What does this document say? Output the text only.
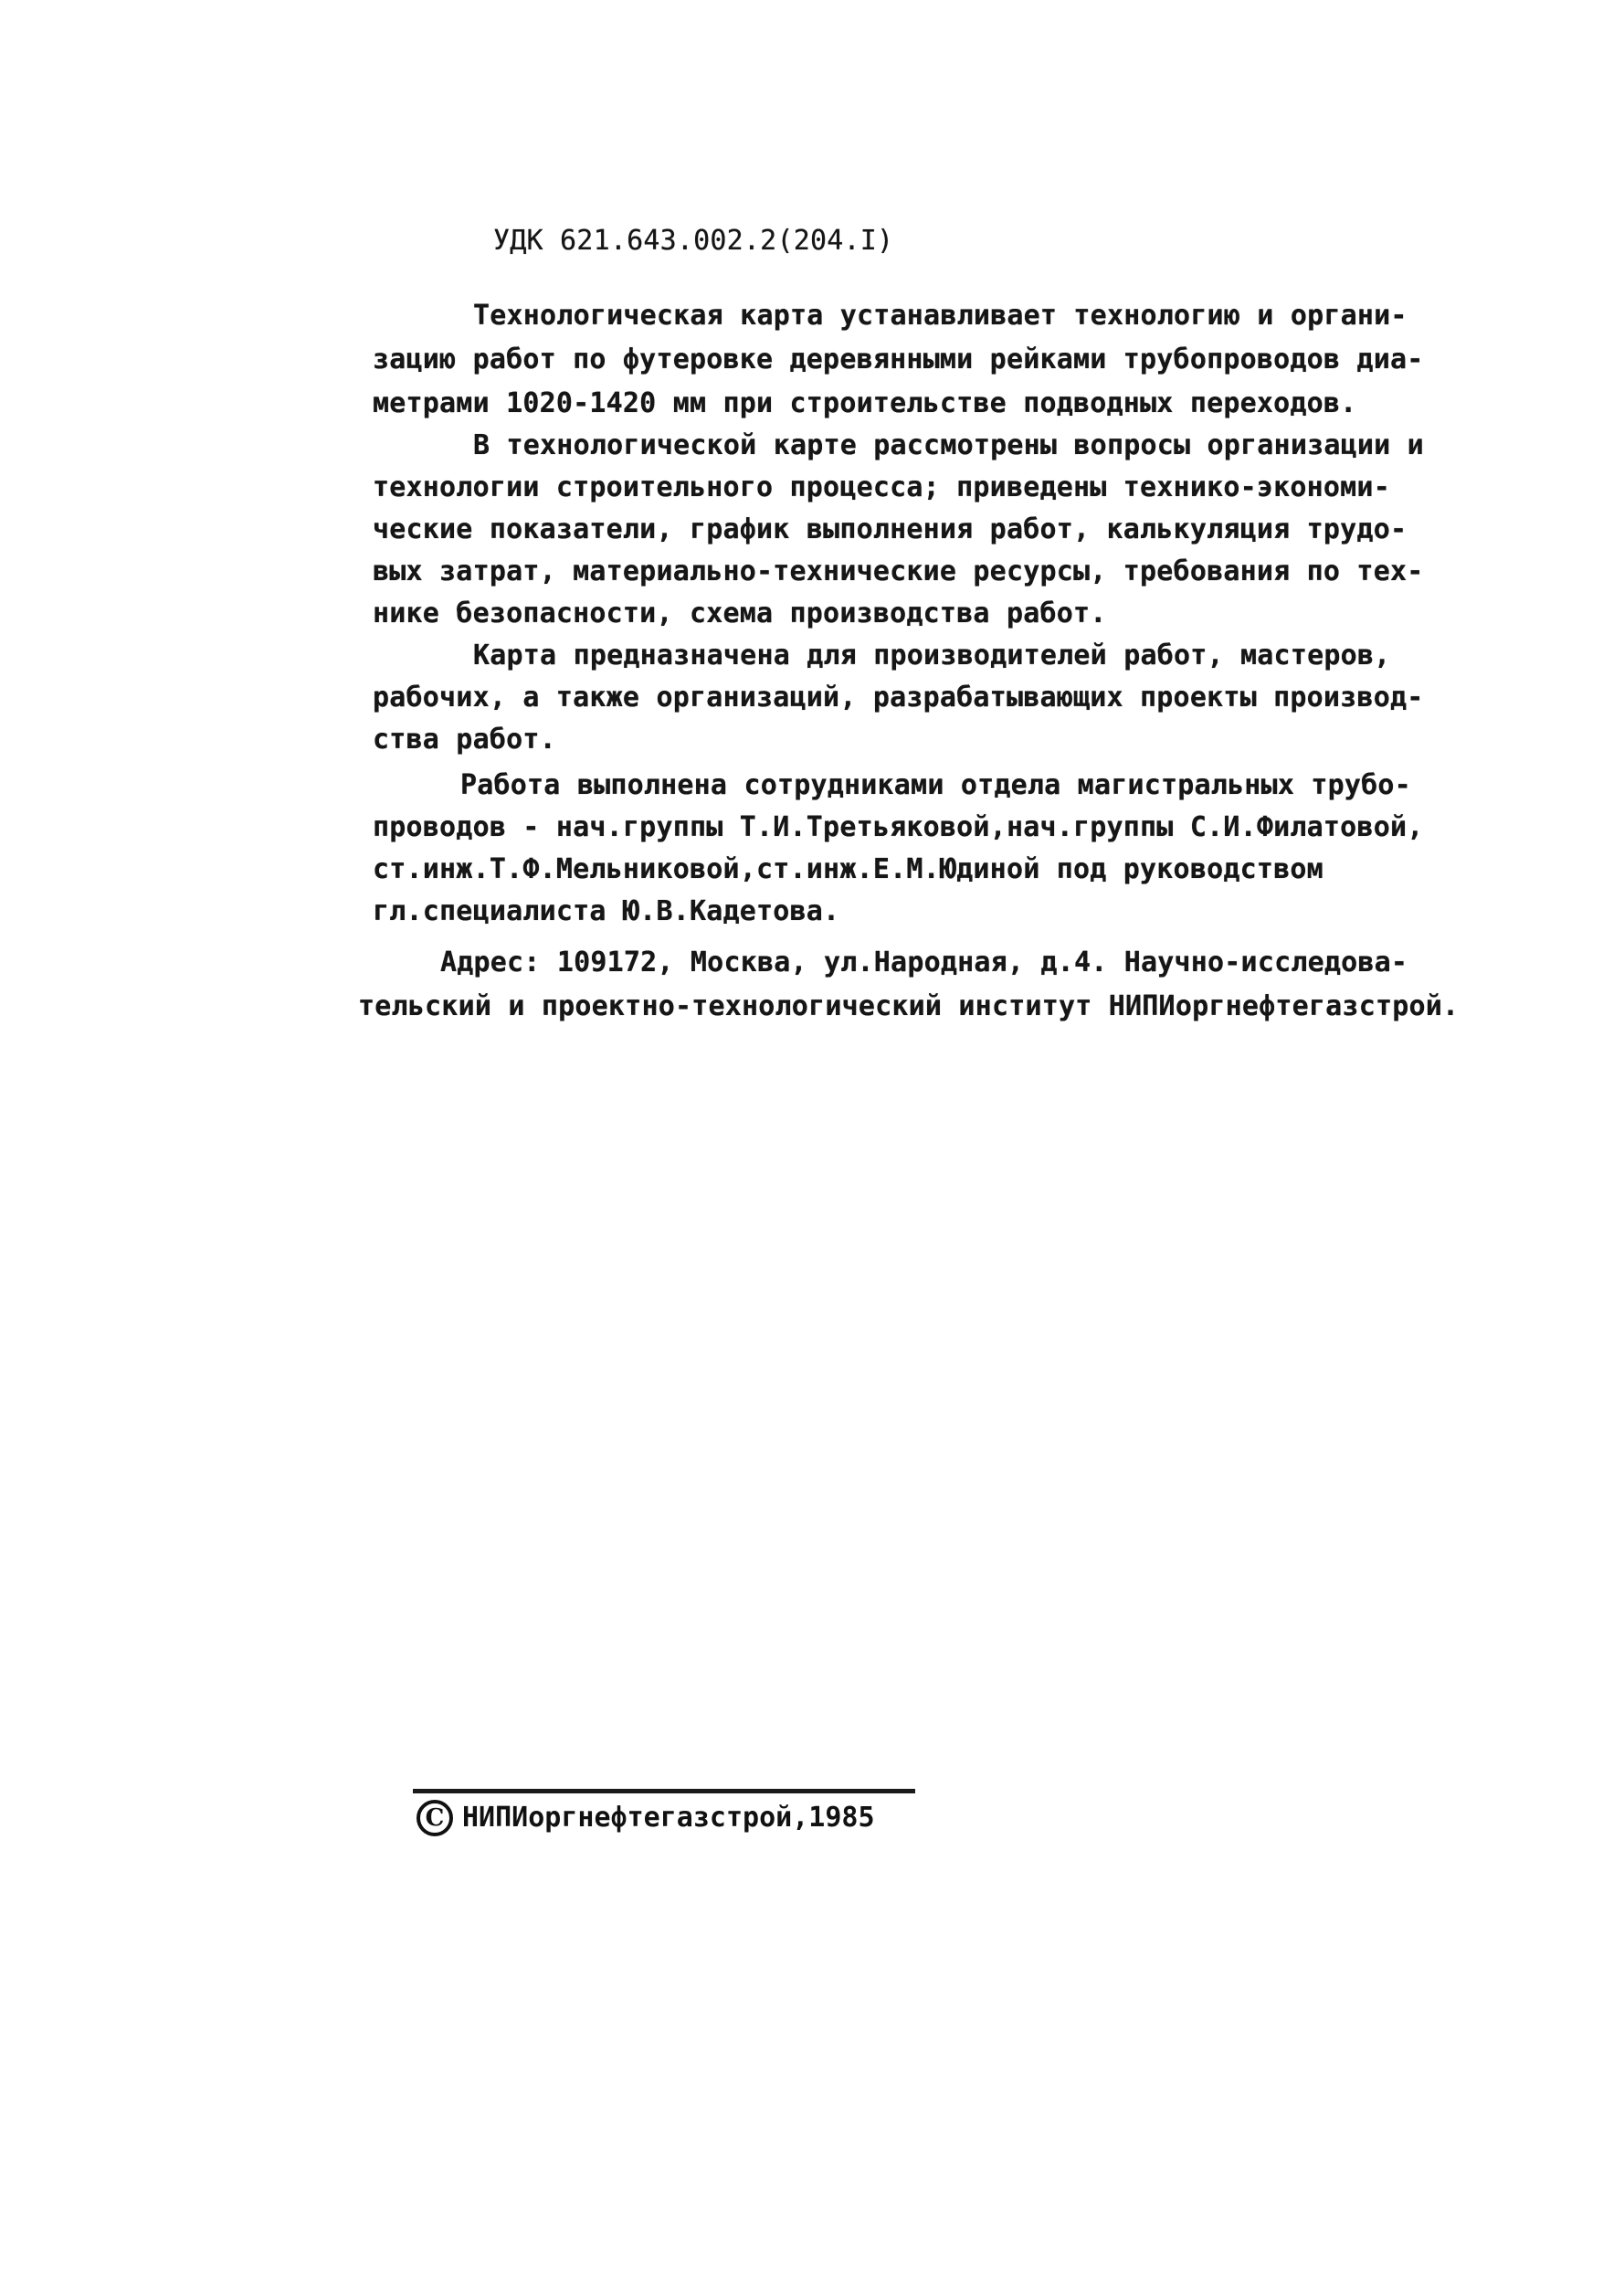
УДК 621.643.002.2(204.I)
Технологическая карта устанавливает технологию и органи-
зацию работ по футеровке деревянными рейками трубопроводов диа-
метрами 1020-1420 мм при строительстве подводных переходов.
В технологической карте рассмотрены вопросы организации и
технологии строительного процесса; приведены технико-экономи-
ческие показатели, график выполнения работ, калькуляция трудо-
вых затрат, материально-технические ресурсы, требования по тех-
нике безопасности, схема производства работ.
Карта предназначена для производителей работ, мастеров,
рабочих, а также организаций, разрабатывающих проекты производ-
ства работ.
Работа выполнена сотрудниками отдела магистральных трубо-
проводов - нач.группы Т.И.Третьяковой,нач.группы С.И.Филатовой,
ст.инж.Т.Ф.Мельниковой,ст.инж.Е.М.Юдиной под руководством
гл.специалиста Ю.В.Кадетова.
Адрес: 109172, Москва, ул.Народная, д.4. Научно-исследова-
тельский и проектно-технологический институт НИПИоргнефтегазстрой.
C НИПИоргнефтегазстрой,1985
